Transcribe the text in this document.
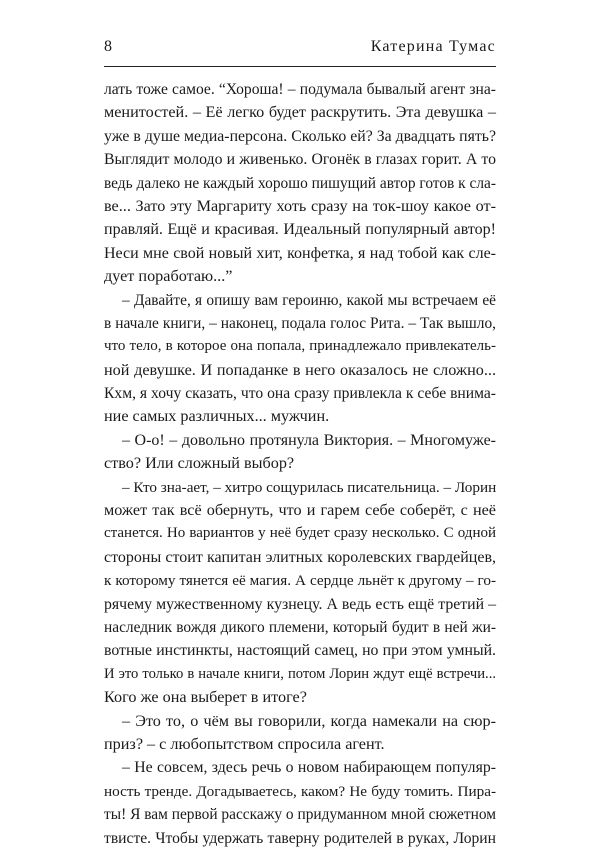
8	Катерина Тумас
лать тоже самое. “Хороша! – подумала бывалый агент зна-
менитостей. – Её легко будет раскрутить. Эта девушка –
уже в душе медиа-персона. Сколько ей? За двадцать пять?
Выглядит молодо и живенько. Огонёк в глазах горит. А то
ведь далеко не каждый хорошо пишущий автор готов к сла-
ве... Зато эту Маргариту хоть сразу на ток-шоу какое от-
правляй. Ещё и красивая. Идеальный популярный автор!
Неси мне свой новый хит, конфетка, я над тобой как сле-
дует поработаю...”
– Давайте, я опишу вам героиню, какой мы встречаем её
в начале книги, – наконец, подала голос Рита. – Так вышло,
что тело, в которое она попала, принадлежало привлекатель-
ной девушке. И попаданке в него оказалось не сложно...
Кхм, я хочу сказать, что она сразу привлекла к себе внима-
ние самых различных... мужчин.
– О-о! – довольно протянула Виктория. – Многомуже-
ство? Или сложный выбор?
– Кто зна-ает, – хитро сощурилась писательница. – Лорин
может так всё обернуть, что и гарем себе соберёт, с неё
станется. Но вариантов у неё будет сразу несколько. С одной
стороны стоит капитан элитных королевских гвардейцев,
к которому тянется её магия. А сердце льнёт к другому – го-
рячему мужественному кузнецу. А ведь есть ещё третий –
наследник вождя дикого племени, который будит в ней жи-
вотные инстинкты, настоящий самец, но при этом умный.
И это только в начале книги, потом Лорин ждут ещё встречи...
Кого же она выберет в итоге?
– Это то, о чём вы говорили, когда намекали на сюр-
приз? – с любопытством спросила агент.
– Не совсем, здесь речь о новом набирающем популяр-
ность тренде. Догадываетесь, каком? Не буду томить. Пира-
ты! Я вам первой расскажу о придуманном мной сюжетном
твисте. Чтобы удержать таверну родителей в руках, Лорин
